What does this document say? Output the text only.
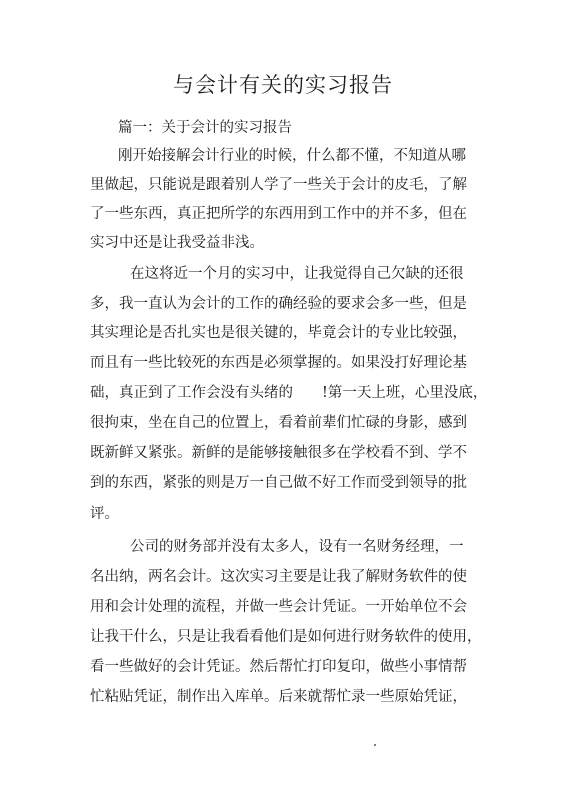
与会计有关的实习报告
篇一：关于会计的实习报告
刚开始接解会计行业的时候，什么都不懂，不知道从哪
里做起，只能说是跟着别人学了一些关于会计的皮毛，了解
了一些东西，真正把所学的东西用到工作中的并不多，但在
实习中还是让我受益非浅。
在这将近一个月的实习中，让我觉得自己欠缺的还很
多，我一直认为会计的工作的确经验的要求会多一些，但是
其实理论是否扎实也是很关键的，毕竟会计的专业比较强，
而且有一些比较死的东西是必须掌握的。如果没打好理论基
础，真正到了工作会没有头绪的　　!第一天上班，心里没底，
很拘束，坐在自己的位置上，看着前辈们忙碌的身影，感到
既新鲜又紧张。新鲜的是能够接触很多在学校看不到、学不
到的东西，紧张的则是万一自己做不好工作而受到领导的批
评。
公司的财务部并没有太多人，设有一名财务经理，一
名出纳，两名会计。这次实习主要是让我了解财务软件的使
用和会计处理的流程，并做一些会计凭证。一开始单位不会
让我干什么，只是让我看看他们是如何进行财务软件的使用，
看一些做好的会计凭证。然后帮忙打印复印，做些小事情帮
忙粘贴凭证，制作出入库单。后来就帮忙录一些原始凭证，
